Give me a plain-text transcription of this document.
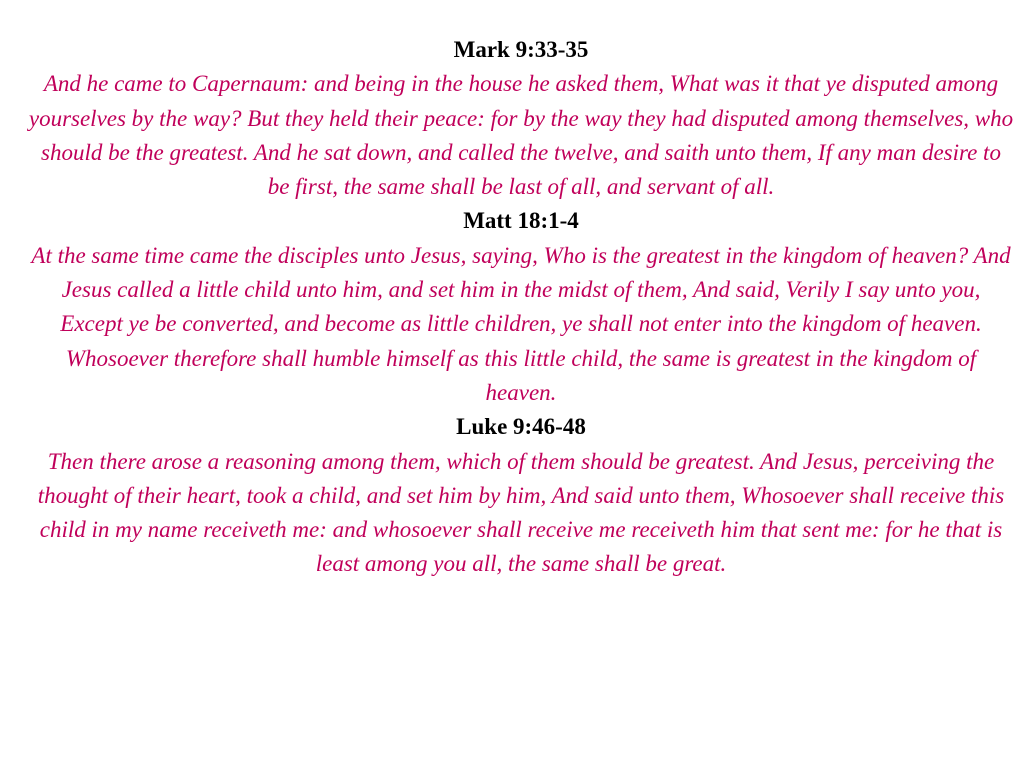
Mark 9:33-35
And he came to Capernaum: and being in the house he asked them, What was it that ye disputed among yourselves by the way? But they held their peace: for by the way they had disputed among themselves, who should be the greatest. And he sat down, and called the twelve, and saith unto them, If any man desire to be first, the same shall be last of all, and servant of all.
Matt 18:1-4
At the same time came the disciples unto Jesus, saying, Who is the greatest in the kingdom of heaven? And Jesus called a little child unto him, and set him in the midst of them, And said, Verily I say unto you, Except ye be converted, and become as little children, ye shall not enter into the kingdom of heaven. Whosoever therefore shall humble himself as this little child, the same is greatest in the kingdom of heaven.
Luke 9:46-48
Then there arose a reasoning among them, which of them should be greatest. And Jesus, perceiving the thought of their heart, took a child, and set him by him, And said unto them, Whosoever shall receive this child in my name receiveth me: and whosoever shall receive me receiveth him that sent me: for he that is least among you all, the same shall be great.
